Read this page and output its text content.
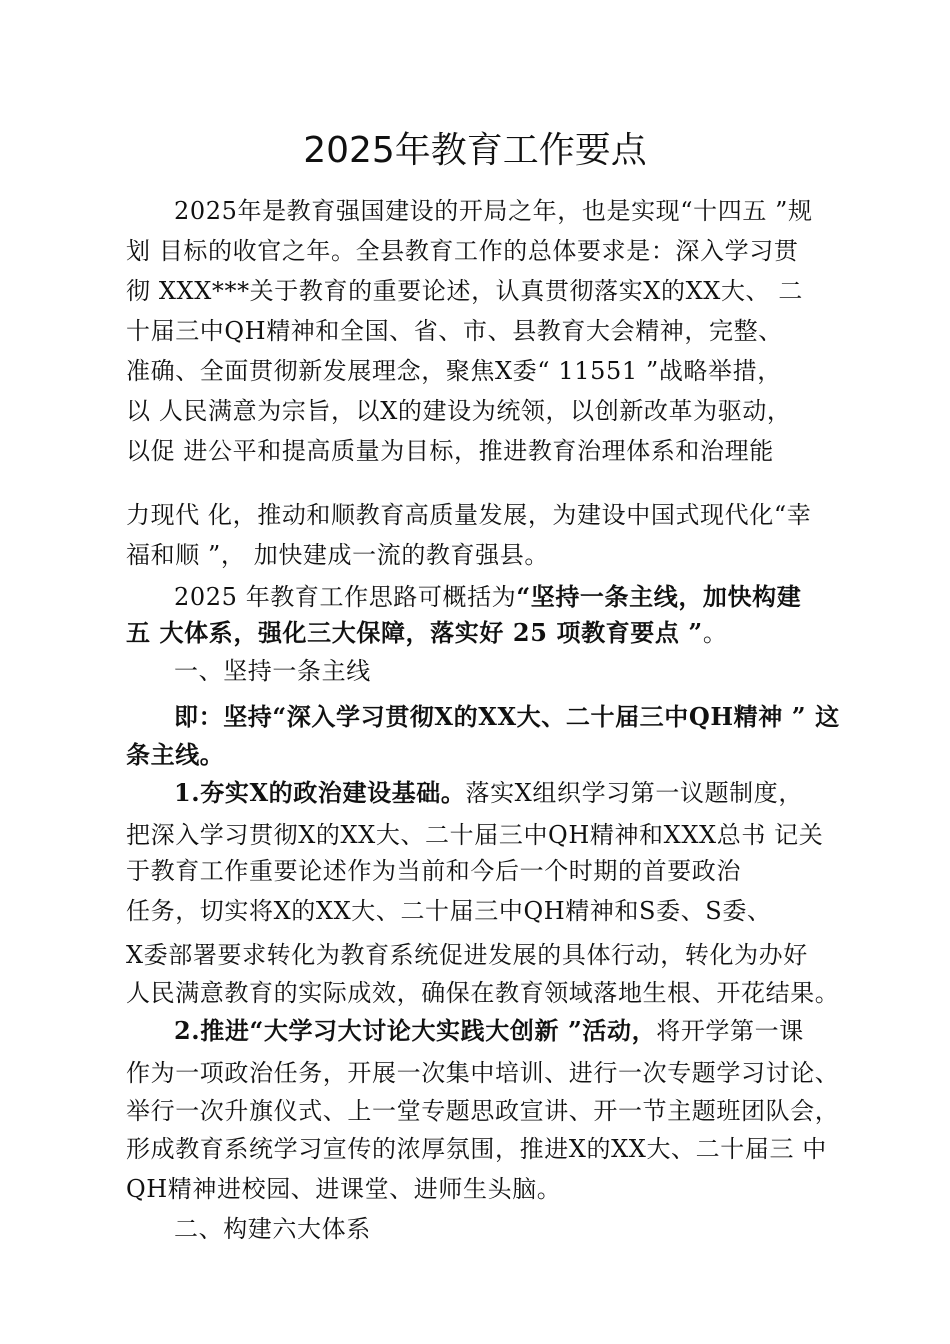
2025年教育工作要点
2025年是教育强国建设的开局之年，也是实现“十四五 ”规
划 目标的收官之年。全县教育工作的总体要求是：深入学习贯
彻 XXX***关于教育的重要论述，认真贯彻落实X的XX大、 二
十届三中QH精神和全国、省、市、县教育大会精神，完整、
准确、全面贯彻新发展理念，聚焦X委“ 11551 ”战略举措，
以 人民满意为宗旨，以X的建设为统领，以创新改革为驱动，
以促 进公平和提高质量为目标，推进教育治理体系和治理能
力现代 化，推动和顺教育高质量发展，为建设中国式现代化“幸
福和顺 ”， 加快建成一流的教育强县。
2025 年教育工作思路可概括为“坚持一条主线，加快构建
五 大体系，强化三大保障，落实好 25 项教育要点 ”。
一、坚持一条主线
即：坚持“深入学习贯彻X的XX大、二十届三中QH精神 ” 这
条主线。
1.夯实X的政治建设基础。落实X组织学习第一议题制度，
把深入学习贯彻X的XX大、二十届三中QH精神和XXX总书 记关
于教育工作重要论述作为当前和今后一个时期的首要政治
任务，切实将X的XX大、二十届三中QH精神和S委、S委、
X委部署要求转化为教育系统促进发展的具体行动，转化为办好
人民满意教育的实际成效，确保在教育领域落地生根、开花结果。
2.推进“大学习大讨论大实践大创新 ”活动，将开学第一课
作为一项政治任务，开展一次集中培训、进行一次专题学习讨论、
举行一次升旗仪式、上一堂专题思政宣讲、开一节主题班团队会，
形成教育系统学习宣传的浓厚氛围，推进X的XX大、二十届三 中
QH精神进校园、进课堂、进师生头脑。
二、构建六大体系
